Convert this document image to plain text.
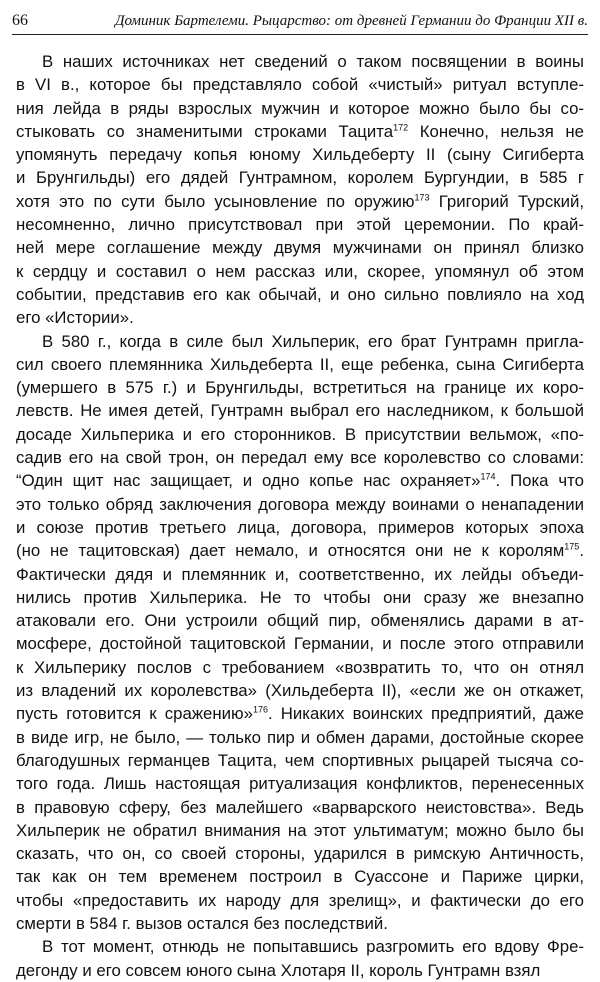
66	Доминик Бартелеми. Рыцарство: от древней Германии до Франции XII в.
В наших источниках нет сведений о таком посвящении в воины
в VI в., которое бы представляло собой «чистый» ритуал вступле-
ния лейда в ряды взрослых мужчин и которое можно было бы со-
стыковать со знаменитыми строками Тацита$^{172}$ Конечно, нельзя не
упомянуть передачу копья юному Хильдеберту II (сыну Сигиберта
и Брунгильды) его дядей Гунтрамном, королем Бургундии, в 585 г
хотя это по сути было усыновление по оружию$^{173}$ Григорий Турский,
несомненно, лично присутствовал при этой церемонии. По край-
ней мере соглашение между двумя мужчинами он принял близко
к сердцу и составил о нем рассказ или, скорее, упомянул об этом
событии, представив его как обычай, и оно сильно повлияло на ход
его «Истории».
В 580 г., когда в силе был Хильперик, его брат Гунтрамн пригла-
сил своего племянника Хильдеберта II, еще ребенка, сына Сигиберта
(умершего в 575 г.) и Брунгильды, встретиться на границе их коро-
левств. Не имея детей, Гунтрамн выбрал его наследником, к большой
досаде Хильперика и его сторонников. В присутствии вельмож, «по-
садив его на свой трон, он передал ему все королевство со словами:
“Один щит нас защищает, и одно копье нас охраняет»$^{174}$. Пока что
это только обряд заключения договора между воинами о ненападении
и союзе против третьего лица, договора, примеров которых эпоха
(но не тацитовская) дает немало, и относятся они не к королям$^{175}$.
Фактически дядя и племянник и, соответственно, их лейды объеди-
нились против Хильперика. Не то чтобы они сразу же внезапно
атаковали его. Они устроили общий пир, обменялись дарами в ат-
мосфере, достойной тацитовской Германии, и после этого отправили
к Хильперику послов с требованием «возвратить то, что он отнял
из владений их королевства» (Хильдеберта II), «если же он откажет,
пусть готовится к сражению»$^{176}$. Никаких воинских предприятий, даже
в виде игр, не было, — только пир и обмен дарами, достойные скорее
благодушных германцев Тацита, чем спортивных рыцарей тысяча со-
того года. Лишь настоящая ритуализация конфликтов, перенесенных
в правовую сферу, без малейшего «варварского неистовства». Ведь
Хильперик не обратил внимания на этот ультиматум; можно было бы
сказать, что он, со своей стороны, ударился в римскую Античность,
так как он тем временем построил в Суассоне и Париже цирки,
чтобы «предоставить их народу для зрелищ», и фактически до его
смерти в 584 г. вызов остался без последствий.
В тот момент, отнюдь не попытавшись разгромить его вдову Фре-
дегонду и его совсем юного сына Хлотаря II, король Гунтрамн взял
